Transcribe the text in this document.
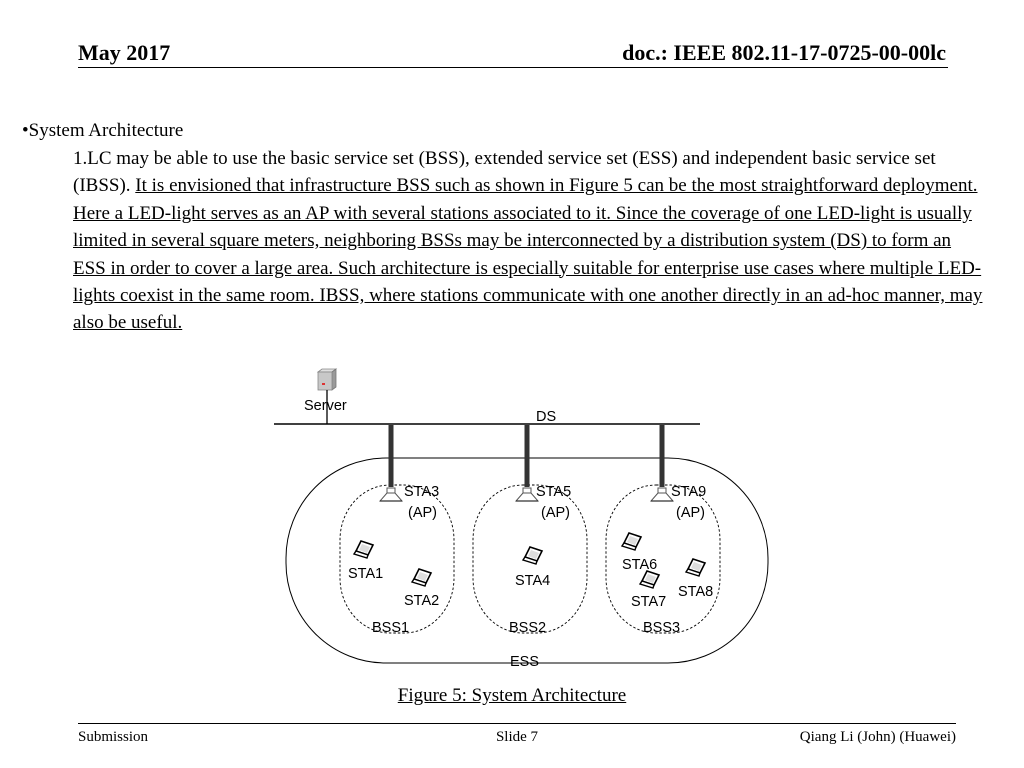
May 2017	doc.: IEEE 802.11-17-0725-00-00lc
•System Architecture
1.LC may be able to use the basic service set (BSS), extended service set (ESS) and independent basic service set (IBSS). It is envisioned that infrastructure BSS such as shown in Figure 5 can be the most straightforward deployment. Here a LED-light serves as an AP with several stations associated to it. Since the coverage of one LED-light is usually limited in several square meters, neighboring BSSs may be interconnected by a distribution system (DS) to form an ESS in order to cover a large area. Such architecture is especially suitable for enterprise use cases where multiple LED-lights coexist in the same room. IBSS, where stations communicate with one another directly in an ad-hoc manner, may also be useful.
Server
DS
STA3
(AP)
STA5
(AP)
STA9
(AP)
STA1
STA2
STA4
STA6
STA7
STA8
BSS1	BSS2	BSS3
ESS
Figure 5: System Architecture
Submission	Slide 7	Qiang Li (John) (Huawei)
